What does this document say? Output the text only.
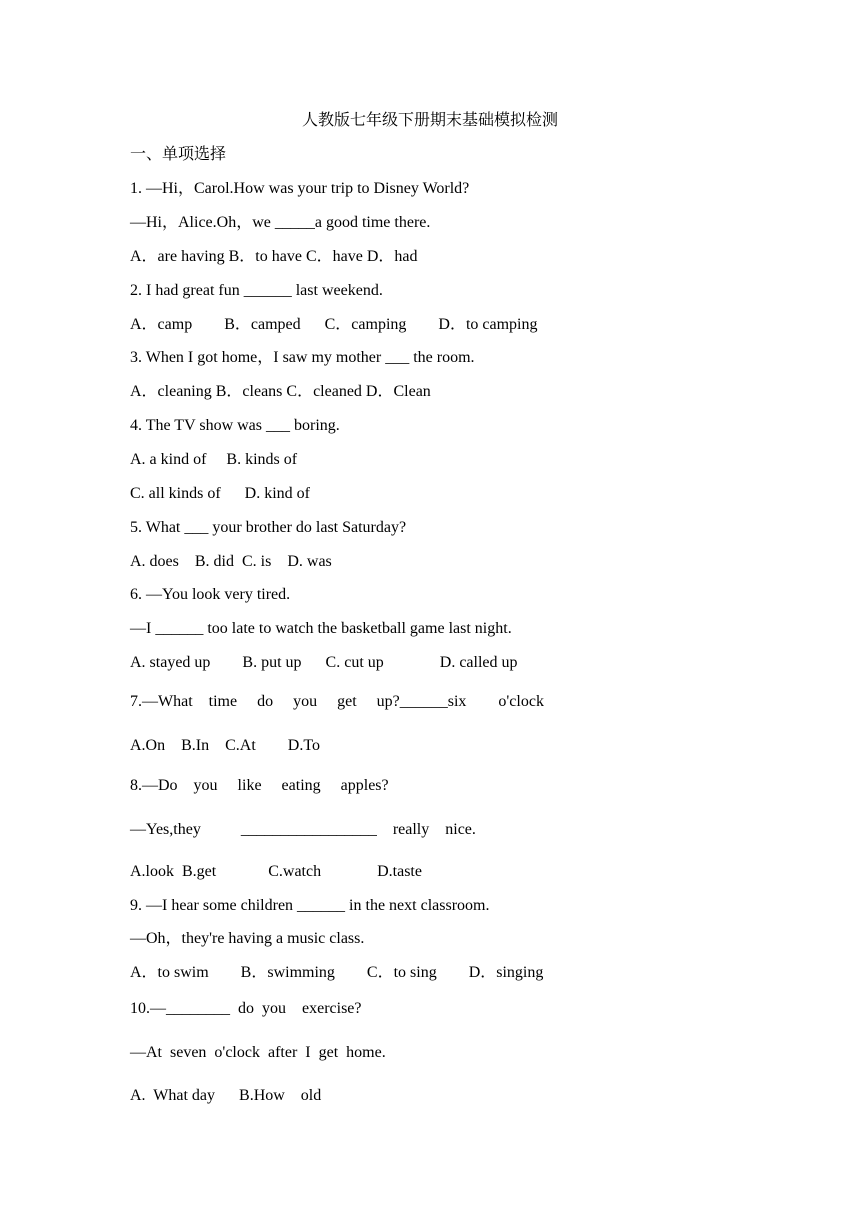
人教版七年级下册期末基础模拟检测
一、单项选择
1. —Hi，Carol.How was your trip to Disney World?
—Hi，Alice.Oh，we _____a good time there.
A．are having B．to have C．have D．had
2. I had great fun ______ last weekend.
A．camp        B．camped      C．camping        D．to camping
3. When I got home，I saw my mother ___ the room.
A．cleaning B．cleans C．cleaned D．Clean
4. The TV show was ___ boring.
A. a kind of     B. kinds of
C. all kinds of      D. kind of
5. What ___ your brother do last Saturday?
A. does    B. did  C. is    D. was
6. —You look very tired.
—I ______ too late to watch the basketball game last night.
A. stayed up        B. put up      C. cut up              D. called up
7.—What    time     do     you     get     up?______six        o'clock
A.On    B.In    C.At        D.To
8.—Do    you     like     eating     apples?
—Yes,they          _________________    really    nice.
A.look  B.get             C.watch              D.taste
9. —I hear some children ______ in the next classroom.
—Oh，they're having a music class.
A．to swim        B．swimming        C．to sing        D．singing
10.—________  do  you    exercise?
—At  seven  o'clock  after  I  get  home.
A.  What day      B.How    old
